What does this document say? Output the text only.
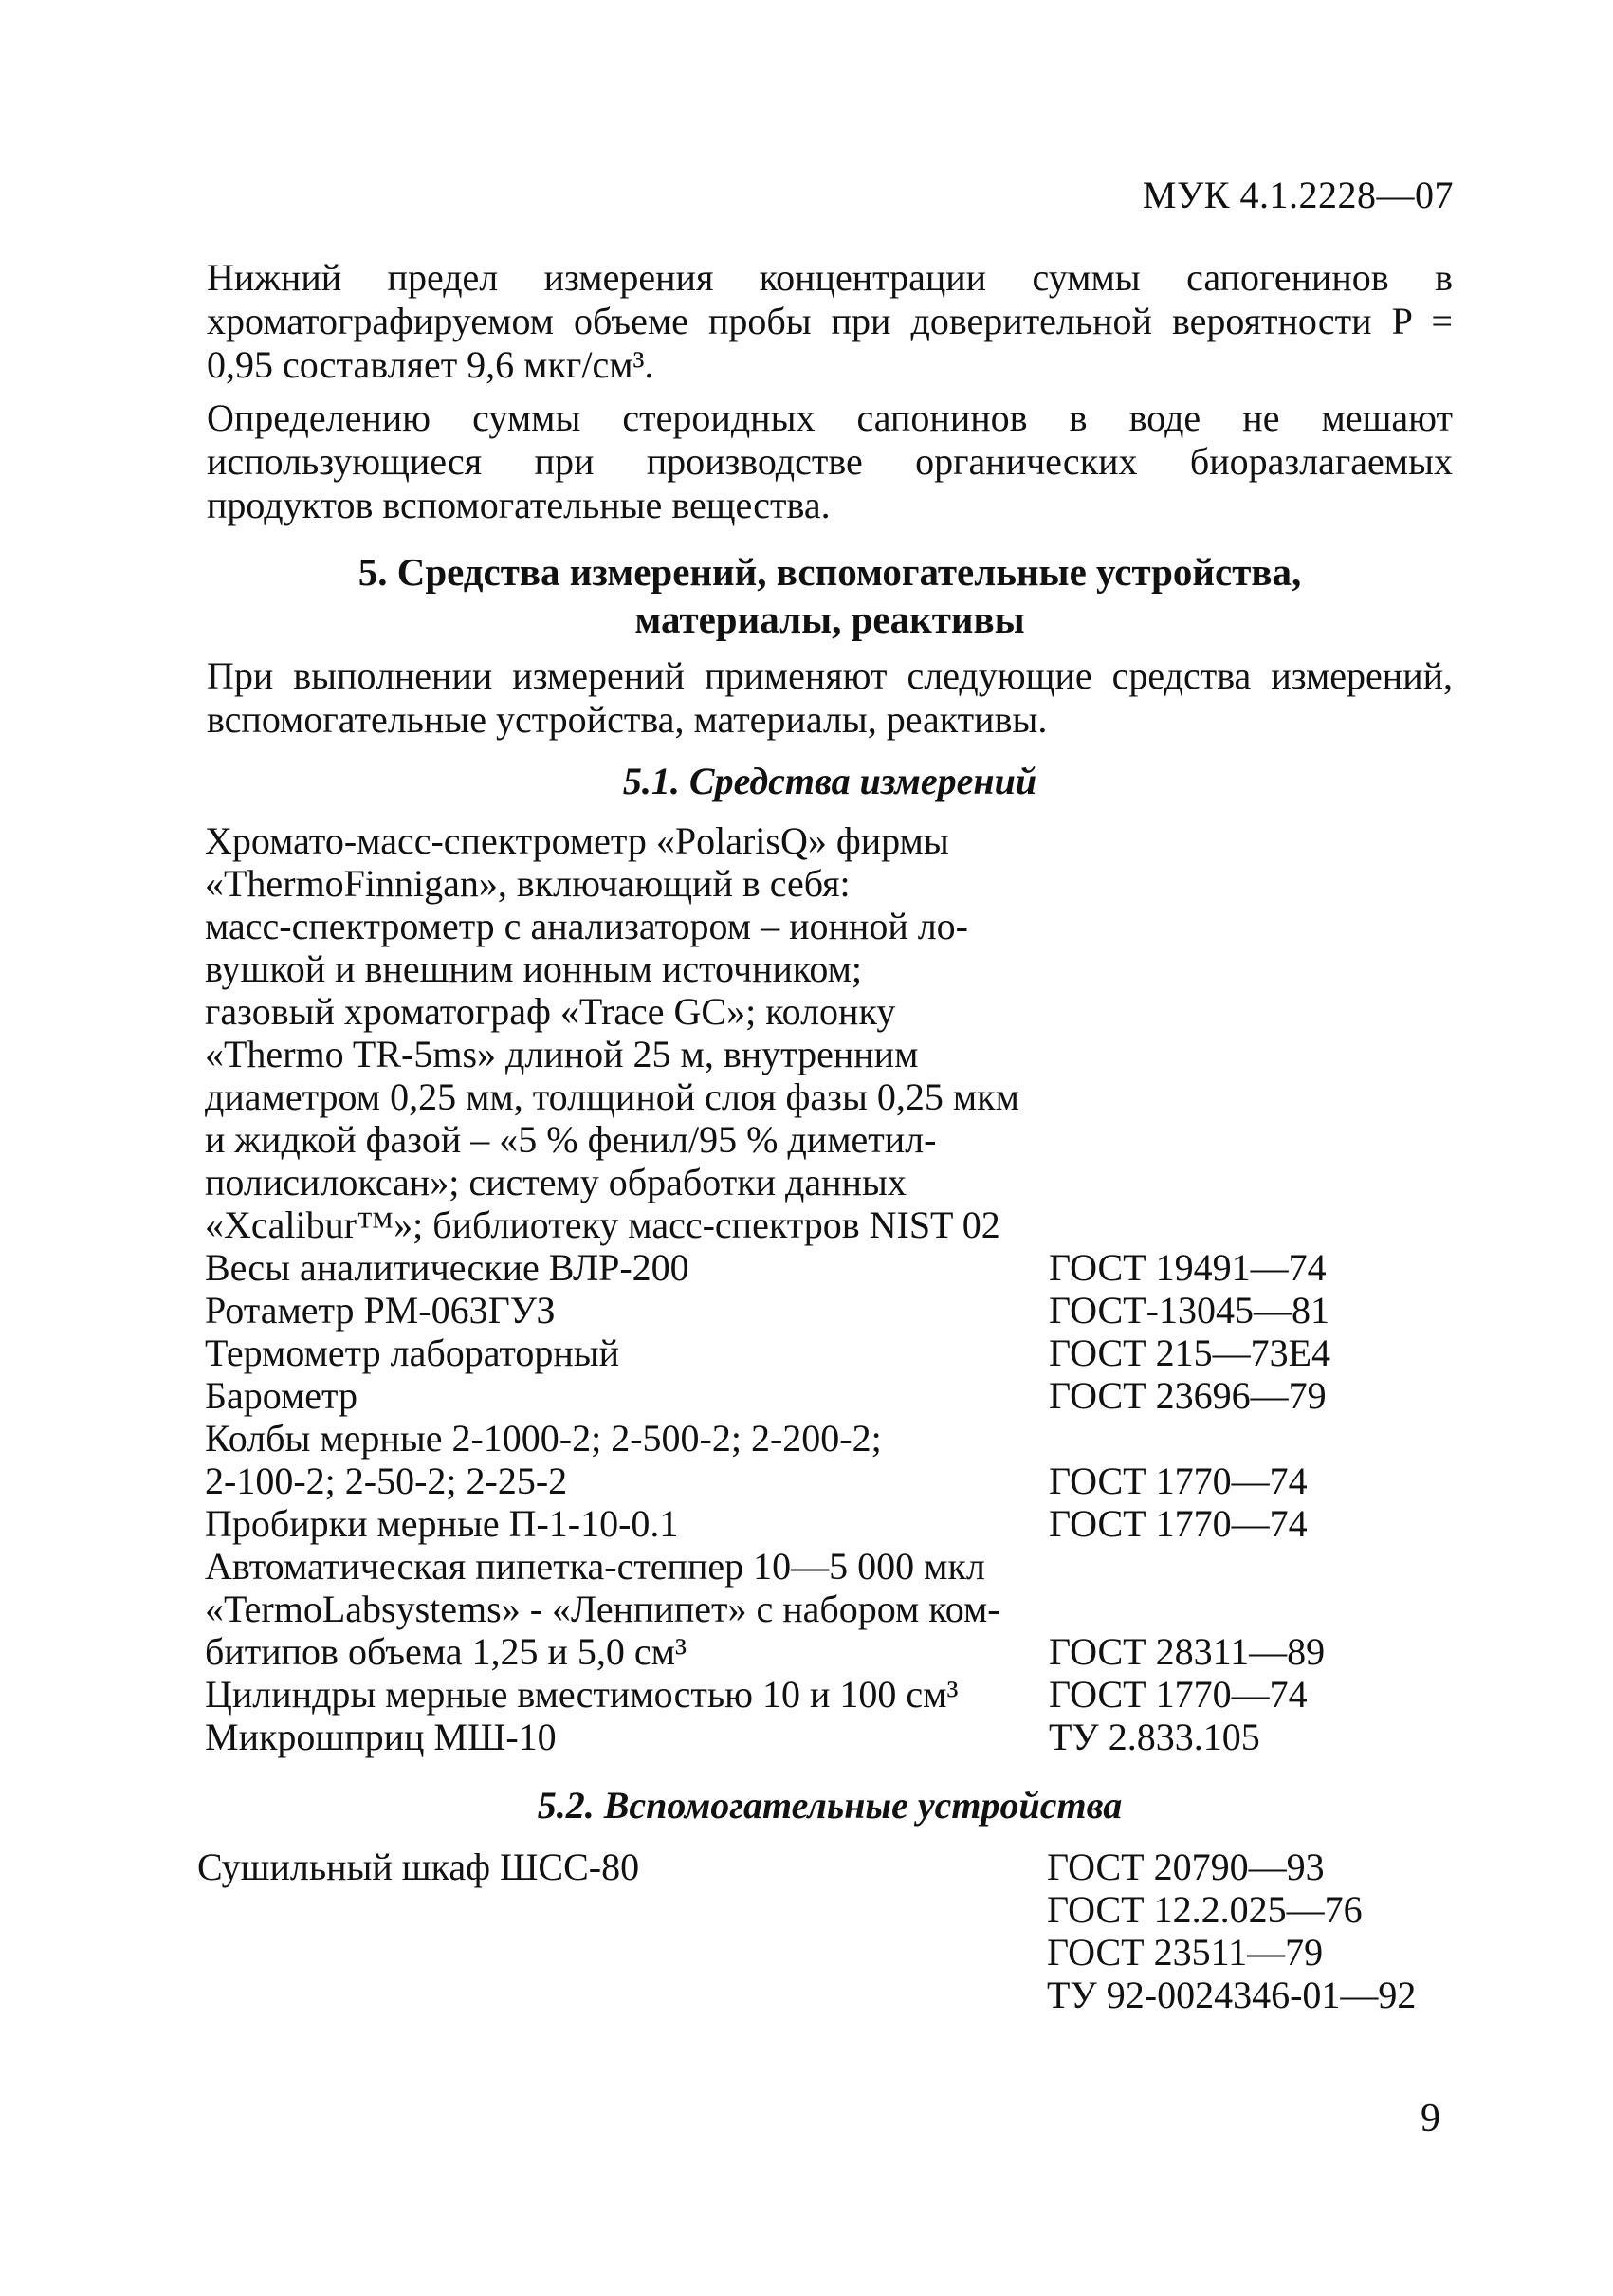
МУК 4.1.2228—07
Нижний предел измерения концентрации суммы сапогенинов в хроматографируемом объеме пробы при доверительной вероятности P = 0,95 составляет 9,6 мкг/см³.
Определению суммы стероидных сапонинов в воде не мешают использующиеся при производстве органических биоразлагаемых продуктов вспомогательные вещества.
5. Средства измерений, вспомогательные устройства,
материалы, реактивы
При выполнении измерений применяют следующие средства измерений, вспомогательные устройства, материалы, реактивы.
5.1. Средства измерений
Хромато-масс-спектрометр «PolarisQ» фирмы
«ThermoFinnigan», включающий в себя:
масс-спектрометр с анализатором – ионной ло-
вушкой и внешним ионным источником;
газовый хроматограф «Trace GC»; колонку
«Thermo TR-5ms» длиной 25 м, внутренним
диаметром 0,25 мм, толщиной слоя фазы 0,25 мкм
и жидкой фазой – «5 % фенил/95 % диметил-
полисилоксан»; систему обработки данных
«Xcalibur™»; библиотеку масс-спектров NIST 02
Весы аналитические ВЛР-200	ГОСТ 19491—74
Ротаметр РМ-063ГУЗ	ГОСТ-13045—81
Термометр лабораторный	ГОСТ 215—73Е4
Барометр	ГОСТ 23696—79
Колбы мерные 2-1000-2; 2-500-2; 2-200-2;
2-100-2; 2-50-2; 2-25-2	ГОСТ 1770—74
Пробирки мерные П-1-10-0.1	ГОСТ 1770—74
Автоматическая пипетка-степпер 10—5 000 мкл
«TermoLabsystems» - «Ленпипет» с набором ком-
битипов объема 1,25 и 5,0 см³	ГОСТ 28311—89
Цилиндры мерные вместимостью 10 и 100 см³ ГОСТ 1770—74
Микрошприц МШ-10	ТУ 2.833.105
5.2. Вспомогательные устройства
Сушильный шкаф ШСС-80	ГОСТ 20790—93
ГОСТ 12.2.025—76
ГОСТ 23511—79
ТУ 92-0024346-01—92
9
